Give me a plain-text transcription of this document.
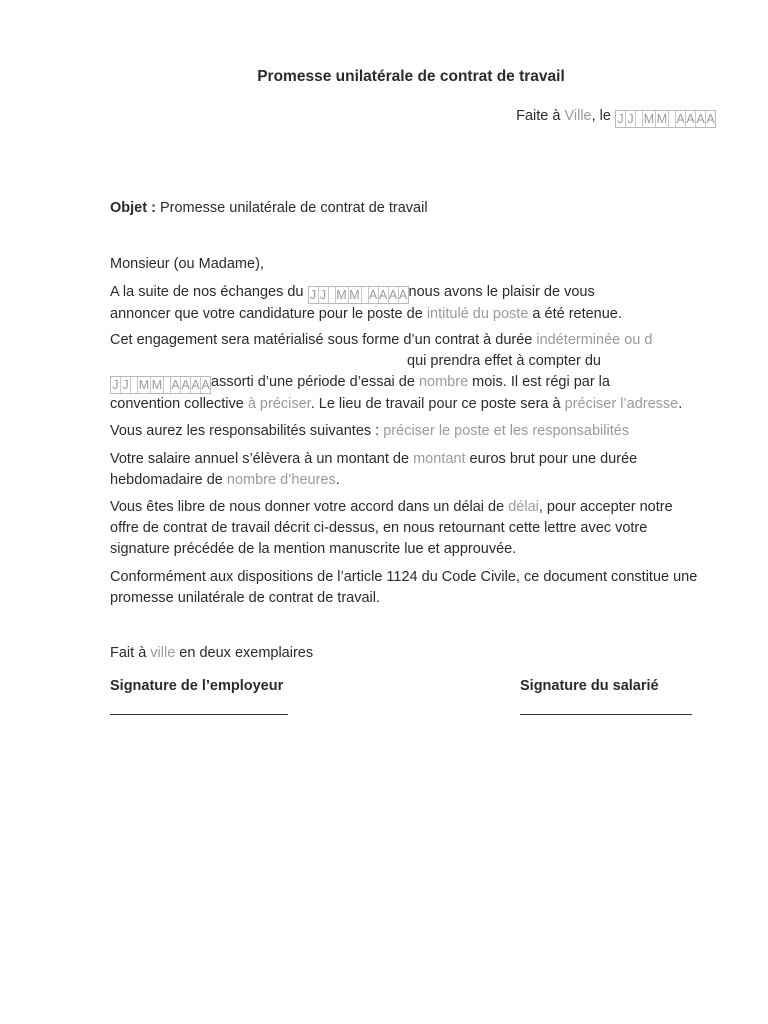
Promesse unilatérale de contrat de travail
Faite à Ville, le J J M M A A A A
Objet : Promesse unilatérale de contrat de travail
Monsieur (ou Madame),
A la suite de nos échanges du J J M M A A A A nous avons le plaisir de vous
annoncer que votre candidature pour le poste de intitulé du poste a été retenue.
Cet engagement sera matérialisé sous forme d’un contrat à durée indéterminée ou d
qui prendra effet à compter du
J J M M A A A A assorti d’une période d’essai de nombre mois. Il est régi par la
convention collective à préciser. Le lieu de travail pour ce poste sera à préciser l’adresse.
Vous aurez les responsabilités suivantes : préciser le poste et les responsabilités
Votre salaire annuel s’élèvera à un montant de montant euros brut pour une durée
hebdomadaire de nombre d’heures.
Vous êtes libre de nous donner votre accord dans un délai de délai, pour accepter notre
offre de contrat de travail décrit ci-dessus, en nous retournant cette lettre avec votre
signature précédée de la mention manuscrite lue et approuvée.
Conformément aux dispositions de l’article 1124 du Code Civile, ce document constitue une
promesse unilatérale de contrat de travail.
Fait à ville en deux exemplaires
Signature de l’employeur	Signature du salarié
